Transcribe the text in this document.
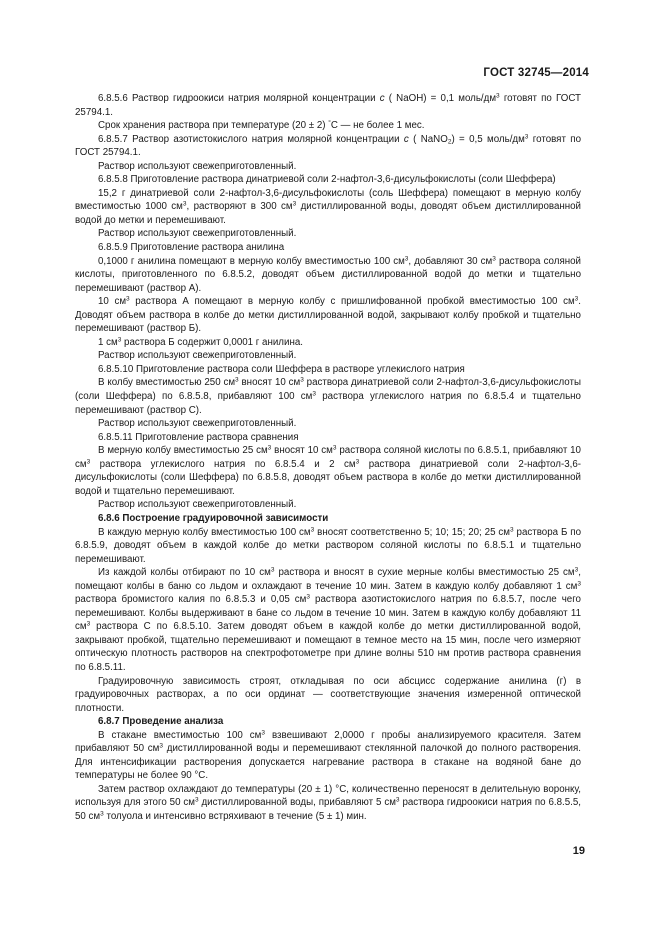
ГОСТ 32745—2014

6.8.5.6 Раствор гидроокиси натрия молярной концентрации c ( NaOH) = 0,1 моль/$дм^3$ готовят по ГОСТ 25794.1.

Срок хранения раствора при температуре (20 ± 2) °С — не более 1 мес.

6.8.5.7 Раствор азотистокислого натрия молярной концентрации c ( NaNO$_2$) = 0,5 моль/$дм^3$ готовят по ГОСТ 25794.1.

Раствор используют свежеприготовленный.

6.8.5.8 Приготовление раствора динатриевой соли 2-нафтол-3,6-дисульфокислоты (соли Шеффера)

15,2 г динатриевой соли 2-нафтол-3,6-дисульфокислоты (соль Шеффера) помещают в мерную колбу вместимостью 1000 $см^3$, растворяют в 300 $см^3$ дистиллированной воды, доводят объем дистиллированной водой до метки и перемешивают.

Раствор используют свежеприготовленный.

6.8.5.9 Приготовление раствора анилина

0,1000 г анилина помещают в мерную колбу вместимостью 100 $см^3$, добавляют 30 $см^3$ раствора соляной кислоты, приготовленного по 6.8.5.2, доводят объем дистиллированной водой до метки и тщательно перемешивают (раствор А).

10 $см^3$ раствора А помещают в мерную колбу с пришлифованной пробкой вместимостью 100 $см^3$. Доводят объем раствора в колбе до метки дистиллированной водой, закрывают колбу пробкой и тщательно перемешивают (раствор Б).

1 $см^3$ раствора Б содержит 0,0001 г анилина.

Раствор используют свежеприготовленный.

6.8.5.10 Приготовление раствора соли Шеффера в растворе углекислого натрия

В колбу вместимостью 250 $см^3$ вносят 10 $см^3$ раствора динатриевой соли 2-нафтол-3,6-дисульфокислоты (соли Шеффера) по 6.8.5.8, прибавляют 100 $см^3$ раствора углекислого натрия по 6.8.5.4 и тщательно перемешивают (раствор С).

Раствор используют свежеприготовленный.

6.8.5.11 Приготовление раствора сравнения

В мерную колбу вместимостью 25 $см^3$ вносят 10 $см^3$ раствора соляной кислоты по 6.8.5.1, прибавляют 10 $см^3$ раствора углекислого натрия по 6.8.5.4 и 2 $см^3$ раствора динатриевой соли 2-нафтол-3,6-дисульфокислоты (соли Шеффера) по 6.8.5.8, доводят объем раствора в колбе до метки дистиллированной водой и тщательно перемешивают.

Раствор используют свежеприготовленный.

6.8.6 Построение градуировочной зависимости

В каждую мерную колбу вместимостью 100 $см^3$ вносят соответственно 5; 10; 15; 20; 25 $см^3$ раствора Б по 6.8.5.9, доводят объем в каждой колбе до метки раствором соляной кислоты по 6.8.5.1 и тщательно перемешивают.

Из каждой колбы отбирают по 10 $см^3$ раствора и вносят в сухие мерные колбы вместимостью 25 $см^3$, помещают колбы в баню со льдом и охлаждают в течение 10 мин. Затем в каждую колбу добавляют 1 $см^3$ раствора бромистого калия по 6.8.5.3 и 0,05 $см^3$ раствора азотистокислого натрия по 6.8.5.7, после чего перемешивают. Колбы выдерживают в бане со льдом в течение 10 мин. Затем в каждую колбу добавляют 11 $см^3$ раствора С по 6.8.5.10. Затем доводят объем в каждой колбе до метки дистиллированной водой, закрывают пробкой, тщательно перемешивают и помещают в темное место на 15 мин, после чего измеряют оптическую плотность растворов на спектрофотометре при длине волны 510 нм против раствора сравнения по 6.8.5.11.

Градуировочную зависимость строят, откладывая по оси абсцисс содержание анилина (г) в градуировочных растворах, а по оси ординат — соответствующие значения измеренной оптической плотности.

6.8.7 Проведение анализа

В стакане вместимостью 100 $см^3$ взвешивают 2,0000 г пробы анализируемого красителя. Затем прибавляют 50 $см^3$ дистиллированной воды и перемешивают стеклянной палочкой до полного растворения. Для интенсификации растворения допускается нагревание раствора в стакане на водяной бане до температуры не более 90 °С.

Затем раствор охлаждают до температуры (20 ± 1) °С, количественно переносят в делительную воронку, используя для этого 50 $см^3$ дистиллированной воды, прибавляют 5 $см^3$ раствора гидроокиси натрия по 6.8.5.5, 50 $см^3$ толуола и интенсивно встряхивают в течение (5 ± 1) мин.

19
